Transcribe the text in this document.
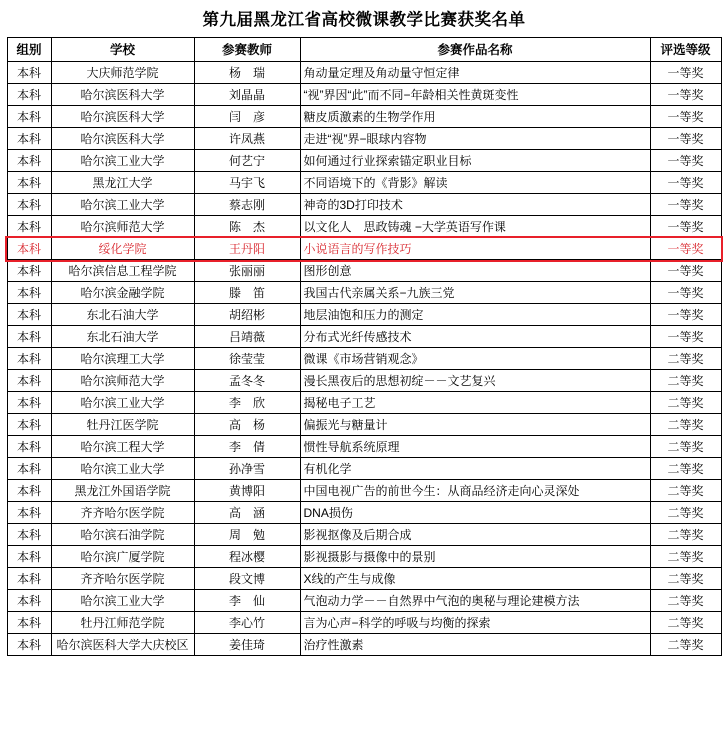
第九届黑龙江省高校微课教学比赛获奖名单
组别	学校	参赛教师	参赛作品名称	评选等级
本科	大庆师范学院	杨　瑞	角动量定理及角动量守恒定律	一等奖
本科	哈尔滨医科大学	刘晶晶	“视”界因“此”而不同−年龄相关性黄斑变性	一等奖
本科	哈尔滨医科大学	闫　彦	糖皮质激素的生物学作用	一等奖
本科	哈尔滨医科大学	许凤燕	走进“视”界−眼球内容物	一等奖
本科	哈尔滨工业大学	何艺宁	如何通过行业探索锚定职业目标	一等奖
本科	黑龙江大学	马宇飞	不同语境下的《背影》解读	一等奖
本科	哈尔滨工业大学	蔡志刚	神奇的3D打印技术	一等奖
本科	哈尔滨师范大学	陈　杰	以文化人　思政铸魂 −大学英语写作课	一等奖
本科	绥化学院	王丹阳	小说语言的写作技巧	一等奖
本科	哈尔滨信息工程学院	张丽丽	图形创意	一等奖
本科	哈尔滨金融学院	滕　笛	我国古代亲属关系−九族三党	一等奖
本科	东北石油大学	胡绍彬	地层油饱和压力的测定	一等奖
本科	东北石油大学	吕靖薇	分布式光纤传感技术	一等奖
本科	哈尔滨理工大学	徐莹莹	微课《市场营销观念》	二等奖
本科	哈尔滨师范大学	孟冬冬	漫长黑夜后的思想初绽－－文艺复兴	二等奖
本科	哈尔滨工业大学	李　欣	揭秘电子工艺	二等奖
本科	牡丹江医学院	高　杨	偏振光与糖量计	二等奖
本科	哈尔滨工程大学	李　倩	惯性导航系统原理	二等奖
本科	哈尔滨工业大学	孙净雪	有机化学	二等奖
本科	黑龙江外国语学院	黄博阳	中国电视广告的前世今生：从商品经济走向心灵深处	二等奖
本科	齐齐哈尔医学院	高　涵	DNA损伤	二等奖
本科	哈尔滨石油学院	周　勉	影视抠像及后期合成	二等奖
本科	哈尔滨广厦学院	程冰樱	影视摄影与摄像中的景别	二等奖
本科	齐齐哈尔医学院	段文博	X线的产生与成像	二等奖
本科	哈尔滨工业大学	李　仙	气泡动力学－－自然界中气泡的奥秘与理论建模方法	二等奖
本科	牡丹江师范学院	李心竹	言为心声−科学的呼吸与均衡的探索	二等奖
本科	哈尔滨医科大学大庆校区	姜佳琦	治疗性激素	二等奖
